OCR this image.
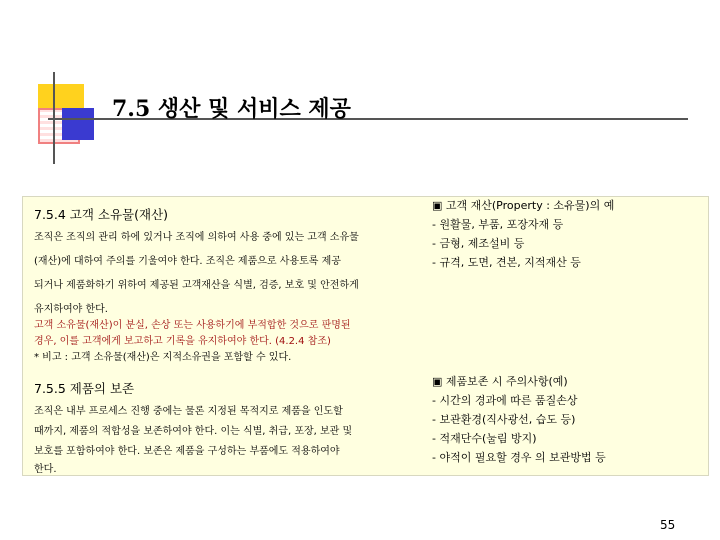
7.5 생산 및 서비스 제공
7.5.4 고객 소유물(재산)
조직은 조직의 관리 하에 있거나 조직에 의하여 사용 중에 있는 고객 소유물
(재산)에 대하여 주의를 기울여야 한다. 조직은 제품으로 사용토록 제공
되거나 제품화하기 위하여 제공된 고객재산을 식별, 검증, 보호 및 안전하게
유지하여야 한다.
고객 소유물(재산)이 분실, 손상 또는 사용하기에 부적합한 것으로 판명된
경우, 이를 고객에게 보고하고 기록을 유지하여야 한다. (4.2.4 참조)
* 비고 : 고객 소유물(재산)은 지적소유권을 포함할 수 있다.
7.5.5 제품의 보존
조직은 내부 프로세스 진행 중에는 물론 지정된 목적지로 제품을 인도할
때까지, 제품의 적합성을 보존하여야 한다. 이는 식별, 취급, 포장, 보관 및
보호를 포함하여야 한다. 보존은 제품을 구성하는 부품에도 적용하여야
한다.
▣ 고객 재산(Property : 소유물)의 예
- 원활물, 부품, 포장자재 등
- 금형, 제조설비 등
- 규격, 도면, 견본, 지적재산 등
▣ 제품보존 시 주의사항(예)
- 시간의 경과에 따른 품질손상
- 보관환경(직사광선, 습도 등)
- 적재단수(눌림 방지)
- 야적이 필요할 경우 의 보관방법 등
55
